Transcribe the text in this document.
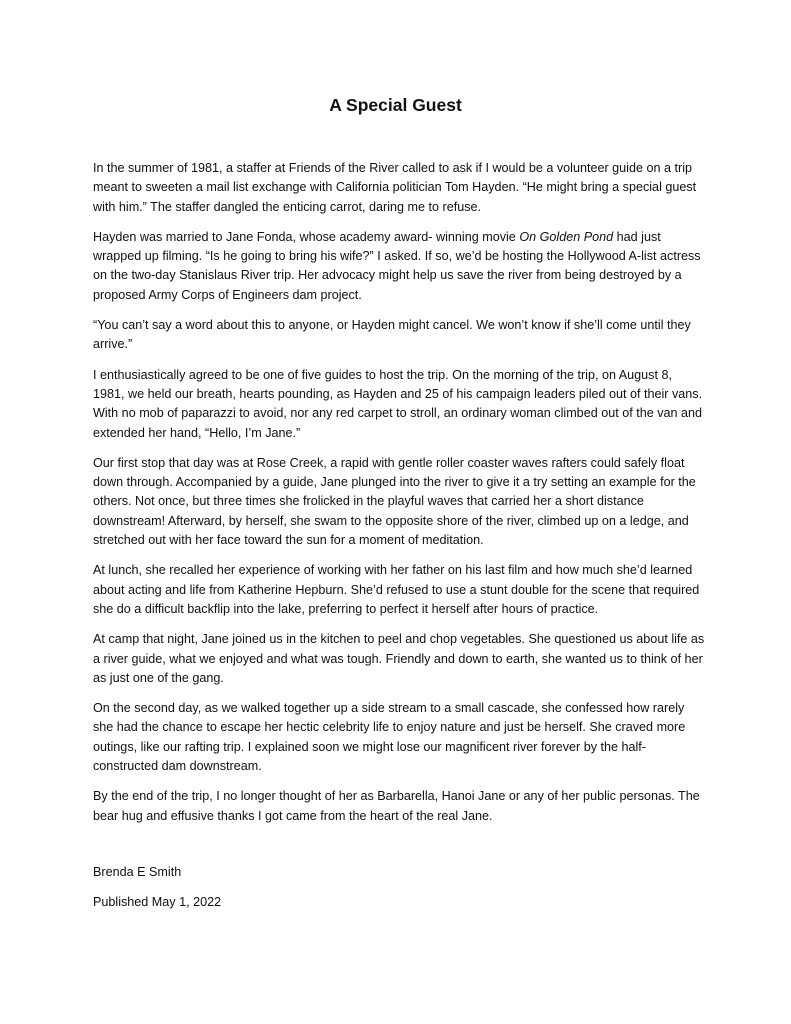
A Special Guest

In the summer of 1981, a staffer at Friends of the River called to ask if I would be a volunteer guide on a trip meant to sweeten a mail list exchange with California politician Tom Hayden. “He might bring a special guest with him.” The staffer dangled the enticing carrot, daring me to refuse.

Hayden was married to Jane Fonda, whose academy award- winning movie On Golden Pond had just wrapped up filming. “Is he going to bring his wife?” I asked. If so, we’d be hosting the Hollywood A-list actress on the two-day Stanislaus River trip. Her advocacy might help us save the river from being destroyed by a proposed Army Corps of Engineers dam project.

“You can’t say a word about this to anyone, or Hayden might cancel. We won’t know if she’ll come until they arrive.”

I enthusiastically agreed to be one of five guides to host the trip. On the morning of the trip, on August 8, 1981, we held our breath, hearts pounding, as Hayden and 25 of his campaign leaders piled out of their vans. With no mob of paparazzi to avoid, nor any red carpet to stroll, an ordinary woman climbed out of the van and extended her hand, “Hello, I’m Jane.”

Our first stop that day was at Rose Creek, a rapid with gentle roller coaster waves rafters could safely float down through. Accompanied by a guide, Jane plunged into the river to give it a try setting an example for the others. Not once, but three times she frolicked in the playful waves that carried her a short distance downstream! Afterward, by herself, she swam to the opposite shore of the river, climbed up on a ledge, and stretched out with her face toward the sun for a moment of meditation.

At lunch, she recalled her experience of working with her father on his last film and how much she’d learned about acting and life from Katherine Hepburn. She’d refused to use a stunt double for the scene that required she do a difficult backflip into the lake, preferring to perfect it herself after hours of practice.

At camp that night, Jane joined us in the kitchen to peel and chop vegetables. She questioned us about life as a river guide, what we enjoyed and what was tough. Friendly and down to earth, she wanted us to think of her as just one of the gang.

On the second day, as we walked together up a side stream to a small cascade, she confessed how rarely she had the chance to escape her hectic celebrity life to enjoy nature and just be herself. She craved more outings, like our rafting trip. I explained soon we might lose our magnificent river forever by the half-constructed dam downstream.

By the end of the trip, I no longer thought of her as Barbarella, Hanoi Jane or any of her public personas. The bear hug and effusive thanks I got came from the heart of the real Jane.

Brenda E Smith

Published May 1, 2022
